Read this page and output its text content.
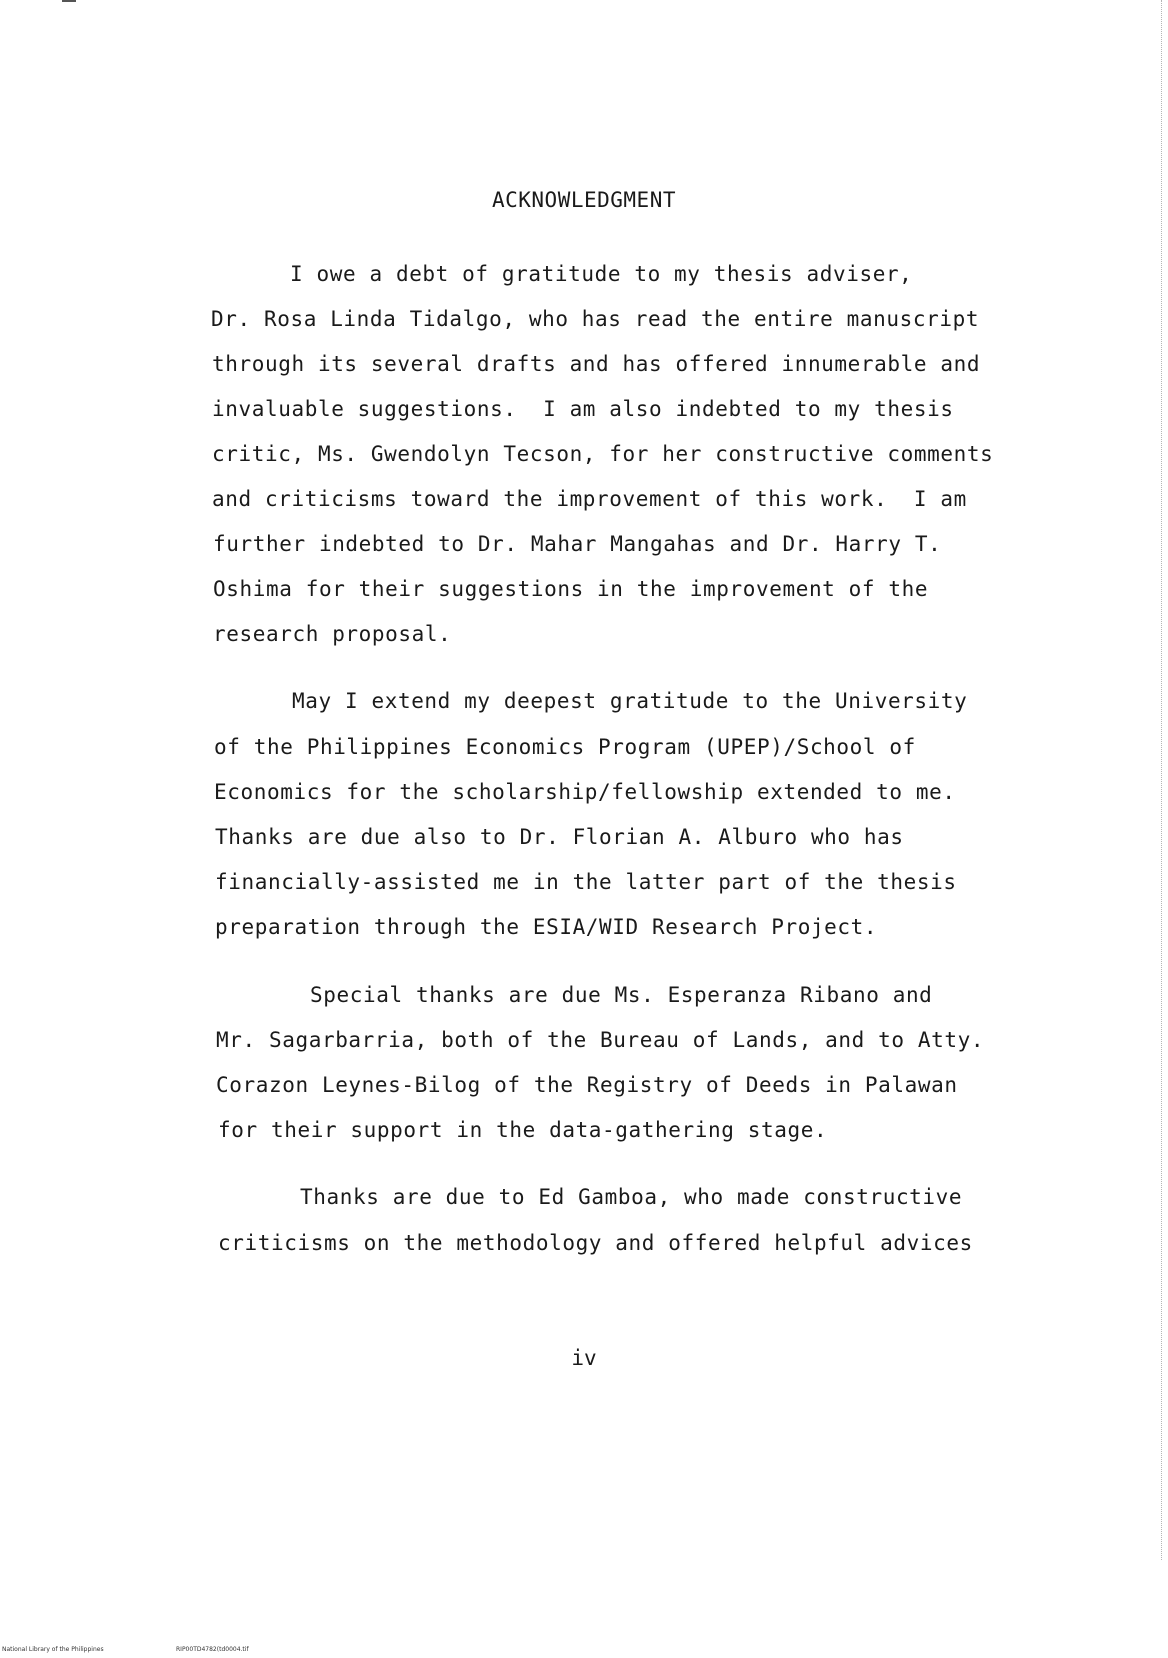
ACKNOWLEDGMENT
I owe a debt of gratitude to my thesis adviser,
Dr. Rosa Linda Tidalgo, who has read the entire manuscript
through its several drafts and has offered innumerable and
invaluable suggestions.  I am also indebted to my thesis
critic, Ms. Gwendolyn Tecson, for her constructive comments
and criticisms toward the improvement of this work.  I am
further indebted to Dr. Mahar Mangahas and Dr. Harry T.
Oshima for their suggestions in the improvement of the
research proposal.
May I extend my deepest gratitude to the University
of the Philippines Economics Program (UPEP)/School of
Economics for the scholarship/fellowship extended to me.
Thanks are due also to Dr. Florian A. Alburo who has
financially-assisted me in the latter part of the thesis
preparation through the ESIA/WID Research Project.
Special thanks are due Ms. Esperanza Ribano and
Mr. Sagarbarria, both of the Bureau of Lands, and to Atty.
Corazon Leynes-Bilog of the Registry of Deeds in Palawan
for their support in the data-gathering stage.
Thanks are due to Ed Gamboa, who made constructive
criticisms on the methodology and offered helpful advices
iv
National Library of the Philippines	RIP00TD4782(td0004.tif
